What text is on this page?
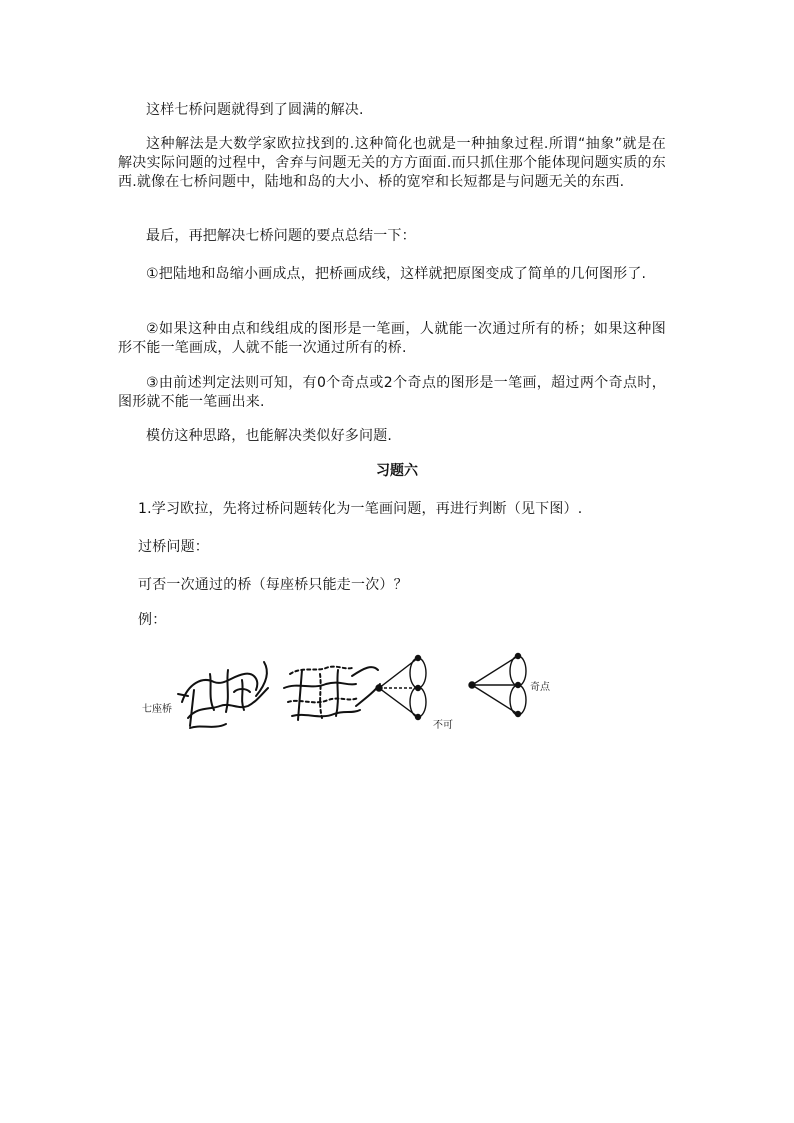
这样七桥问题就得到了圆满的解决.

这种解法是大数学家欧拉找到的.这种简化也就是一种抽象过程.所谓“抽象”就是在解决实际问题的过程中，舍弃与问题无关的方方面面.而只抓住那个能体现问题实质的东西.就像在七桥问题中，陆地和岛的大小、桥的宽窄和长短都是与问题无关的东西.

最后，再把解决七桥问题的要点总结一下：

①把陆地和岛缩小画成点，把桥画成线，这样就把原图变成了简单的几何图形了.

②如果这种由点和线组成的图形是一笔画，人就能一次通过所有的桥；如果这种图形不能一笔画成，人就不能一次通过所有的桥.

③由前述判定法则可知，有0个奇点或2个奇点的图形是一笔画，超过两个奇点时，图形就不能一笔画出来.

模仿这种思路，也能解决类似好多问题.

习题六

1.学习欧拉，先将过桥问题转化为一笔画问题，再进行判断（见下图）.

过桥问题：

可否一次通过的桥（每座桥只能走一次）？

例：

七座桥
不可
奇点
